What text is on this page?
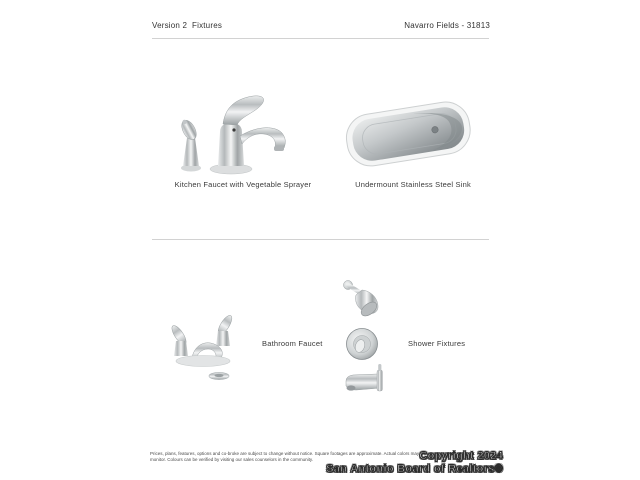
Version 2  Fixtures	Navarro Fields - 31813
Kitchen Faucet with Vegetable Sprayer	Undermount Stainless Steel Sink
Bathroom Faucet	Shower Fixtures
Prices, plans, features, options and co-broke are subject to change without notice. Square footages are approximate. Actual colors may vary on your
monitor. Colours can be verified by visiting our sales counselors in the community.	Copyright 2024
San Antonio Board of Realtors®
